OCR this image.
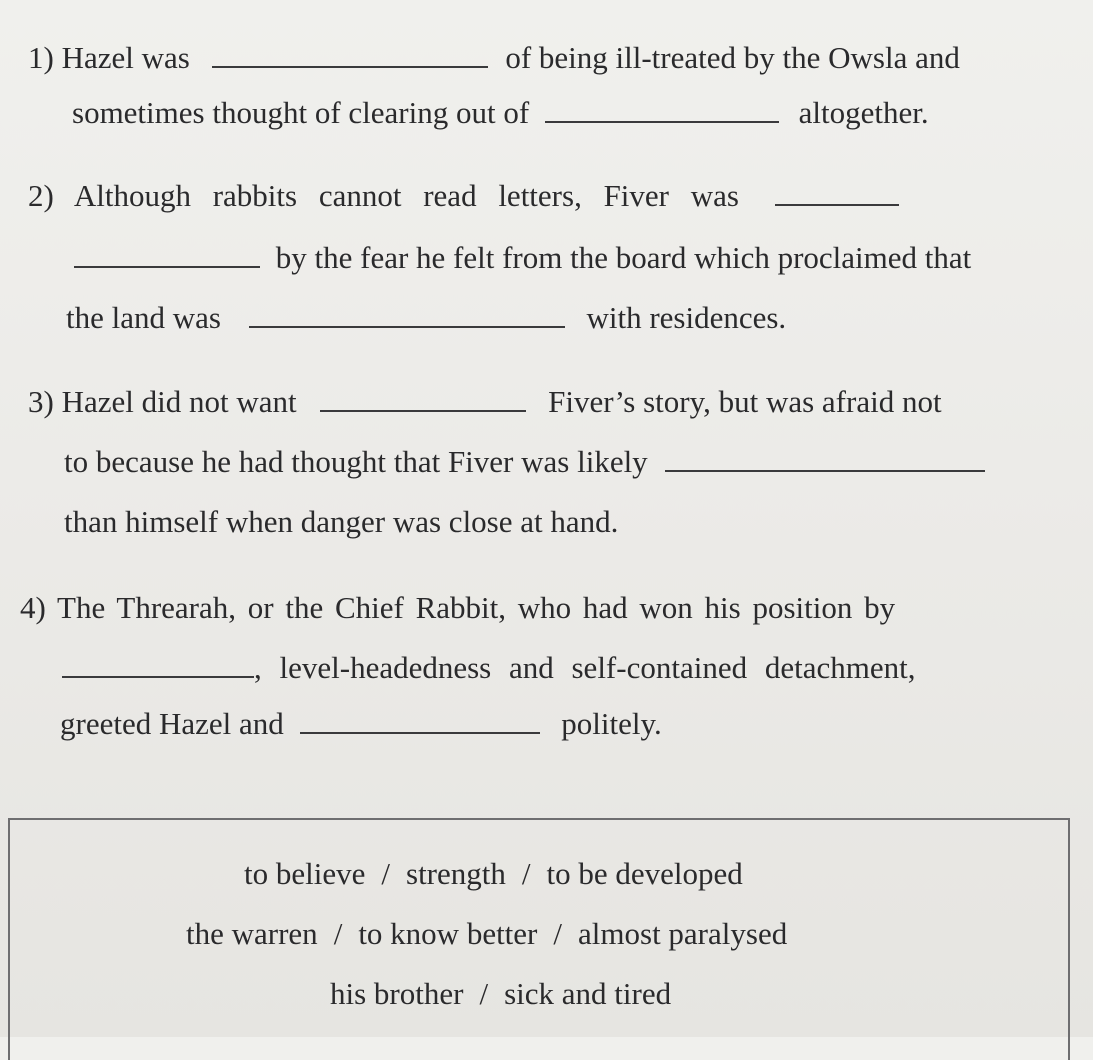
1) Hazel was	of being ill-treated by the Owsla and
sometimes thought of clearing out of	altogether.
2) Although rabbits cannot read letters, Fiver was
by the fear he felt from the board which proclaimed that
the land was	with residences.
3) Hazel did not want	Fiver’s story, but was afraid not
to because he had thought that Fiver was likely
than himself when danger was close at hand.
4) The Threarah, or the Chief Rabbit, who had won his position by
, level-headedness and self-contained detachment,
greeted Hazel and	politely.
to believe / strength / to be developed
the warren / to know better / almost paralysed
his brother / sick and tired
